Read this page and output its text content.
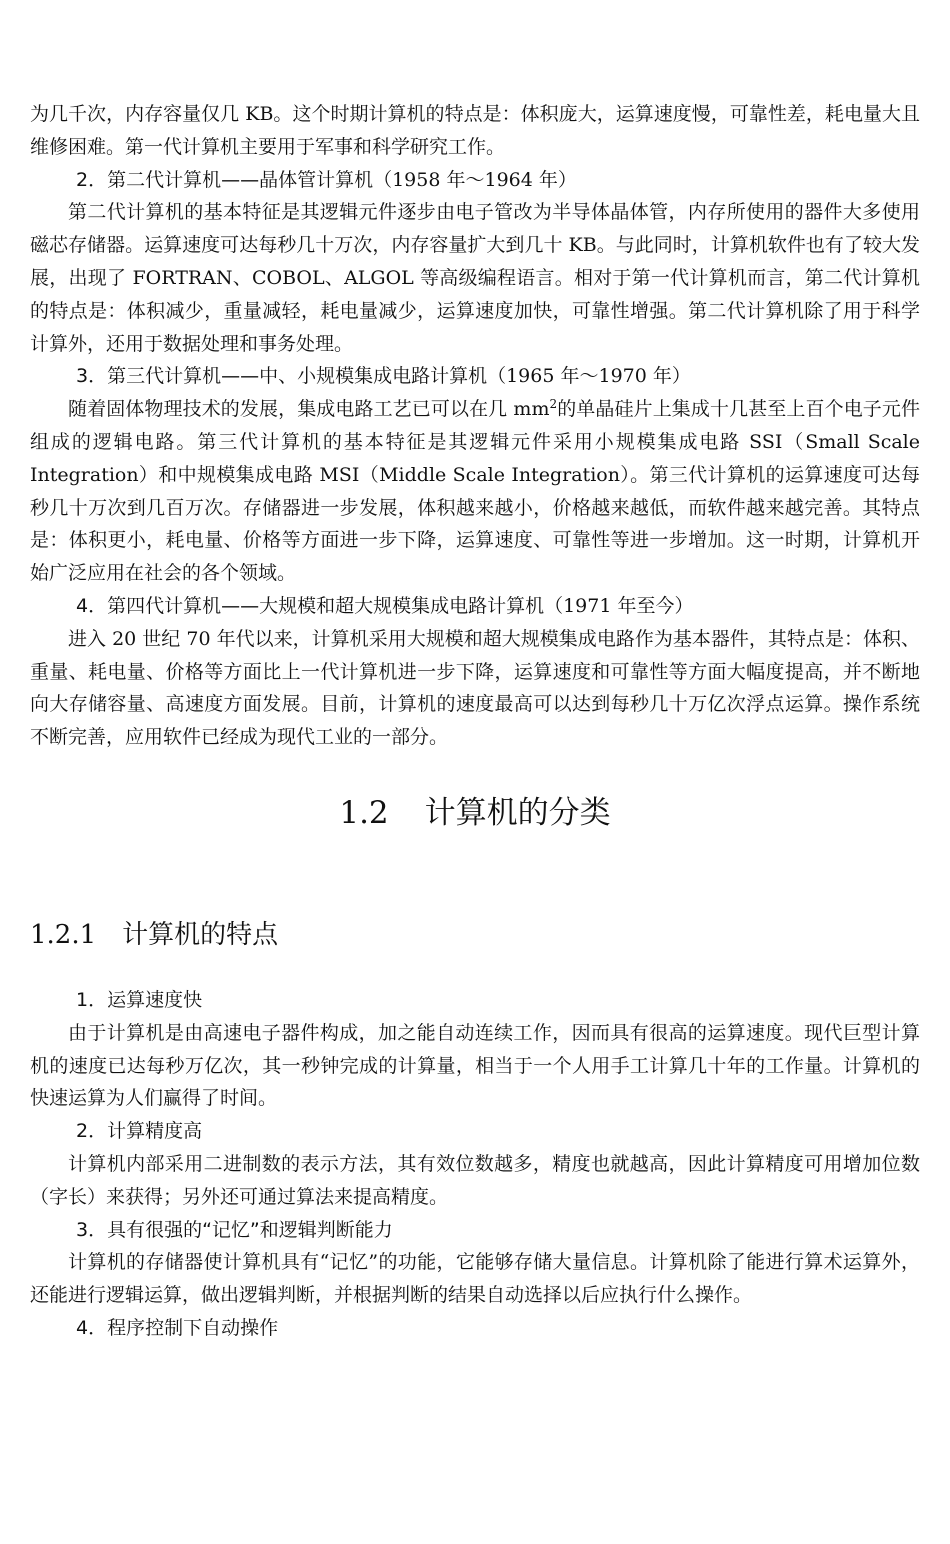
为几千次，内存容量仅几 KB。这个时期计算机的特点是：体积庞大，运算速度慢，可靠性差，耗电量大且维修困难。第一代计算机主要用于军事和科学研究工作。

2．第二代计算机——晶体管计算机（1958 年～1964 年）

第二代计算机的基本特征是其逻辑元件逐步由电子管改为半导体晶体管，内存所使用的器件大多使用磁芯存储器。运算速度可达每秒几十万次，内存容量扩大到几十 KB。与此同时，计算机软件也有了较大发展，出现了 FORTRAN、COBOL、ALGOL 等高级编程语言。相对于第一代计算机而言，第二代计算机的特点是：体积减少，重量减轻，耗电量减少，运算速度加快，可靠性增强。第二代计算机除了用于科学计算外，还用于数据处理和事务处理。

3．第三代计算机——中、小规模集成电路计算机（1965 年～1970 年）

随着固体物理技术的发展，集成电路工艺已可以在几 $mm^2$的单晶硅片上集成十几甚至上百个电子元件组成的逻辑电路。第三代计算机的基本特征是其逻辑元件采用小规模集成电路 SSI（Small Scale Integration）和中规模集成电路 MSI（Middle Scale Integration）。第三代计算机的运算速度可达每秒几十万次到几百万次。存储器进一步发展，体积越来越小，价格越来越低，而软件越来越完善。其特点是：体积更小，耗电量、价格等方面进一步下降，运算速度、可靠性等进一步增加。这一时期，计算机开始广泛应用在社会的各个领域。

4．第四代计算机——大规模和超大规模集成电路计算机（1971 年至今）

进入 20 世纪 70 年代以来，计算机采用大规模和超大规模集成电路作为基本器件，其特点是：体积、重量、耗电量、价格等方面比上一代计算机进一步下降，运算速度和可靠性等方面大幅度提高，并不断地向大存储容量、高速度方面发展。目前，计算机的速度最高可以达到每秒几十万亿次浮点运算。操作系统不断完善，应用软件已经成为现代工业的一部分。

1.2 计算机的分类
1.2.1 计算机的特点

1．运算速度快

由于计算机是由高速电子器件构成，加之能自动连续工作，因而具有很高的运算速度。现代巨型计算机的速度已达每秒万亿次，其一秒钟完成的计算量，相当于一个人用手工计算几十年的工作量。计算机的快速运算为人们赢得了时间。

2．计算精度高

计算机内部采用二进制数的表示方法，其有效位数越多，精度也就越高，因此计算精度可用增加位数（字长）来获得；另外还可通过算法来提高精度。

3．具有很强的“记忆”和逻辑判断能力

计算机的存储器使计算机具有“记忆”的功能，它能够存储大量信息。计算机除了能进行算术运算外，还能进行逻辑运算，做出逻辑判断，并根据判断的结果自动选择以后应执行什么操作。

4．程序控制下自动操作
